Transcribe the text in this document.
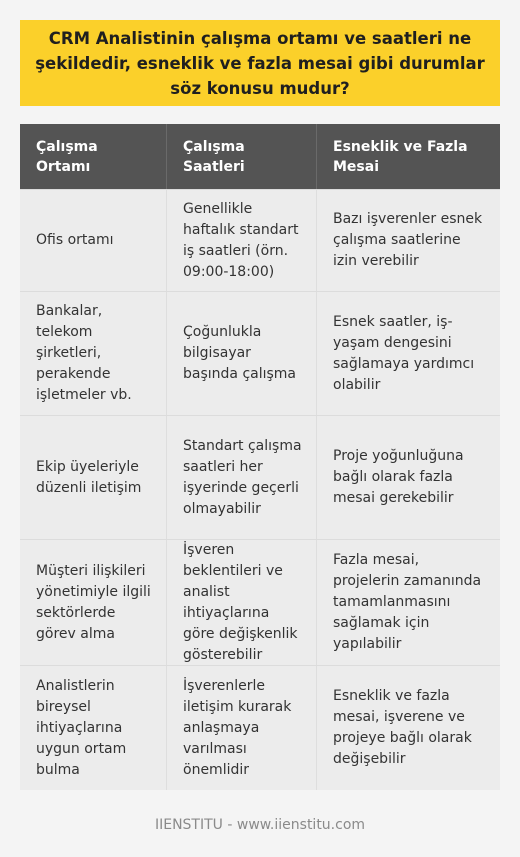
CRM Analistinin çalışma ortamı ve saatleri ne şekildedir, esneklik ve fazla mesai gibi durumlar söz konusu mudur?
Çalışma Ortamı
Çalışma Saatleri
Esneklik ve Fazla Mesai
Ofis ortamı
Genellikle haftalık standart iş saatleri (örn. 09:00-18:00)
Bazı işverenler esnek çalışma saatlerine izin verebilir
Bankalar, telekom şirketleri, perakende işletmeler vb.
Çoğunlukla bilgisayar başında çalışma
Esnek saatler, iş-yaşam dengesini sağlamaya yardımcı olabilir
Ekip üyeleriyle düzenli iletişim
Standart çalışma saatleri her işyerinde geçerli olmayabilir
Proje yoğunluğuna bağlı olarak fazla mesai gerekebilir
Müşteri ilişkileri yönetimiyle ilgili sektörlerde görev alma
İşveren beklentileri ve analist ihtiyaçlarına göre değişkenlik gösterebilir
Fazla mesai, projelerin zamanında tamamlanmasını sağlamak için yapılabilir
Analistlerin bireysel ihtiyaçlarına uygun ortam bulma
İşverenlerle iletişim kurarak anlaşmaya varılması önemlidir
Esneklik ve fazla mesai, işverene ve projeye bağlı olarak değişebilir
IIENSTITU - www.iienstitu.com
